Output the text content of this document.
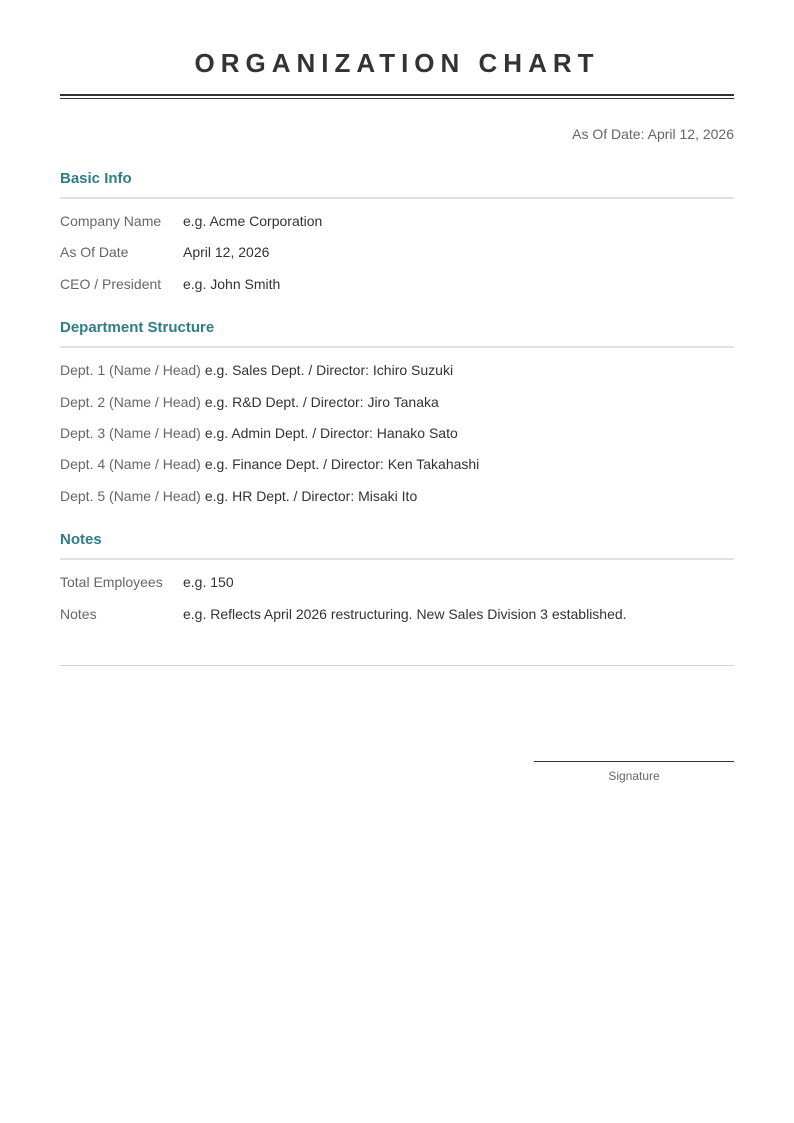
ORGANIZATION CHART
As Of Date: April 12, 2026
Basic Info
Company Name e.g. Acme Corporation
As Of Date	April 12, 2026
CEO / President e.g. John Smith
Department Structure
Dept. 1 (Name / Head) e.g. Sales Dept. / Director: Ichiro Suzuki
Dept. 2 (Name / Head) e.g. R&D Dept. / Director: Jiro Tanaka
Dept. 3 (Name / Head) e.g. Admin Dept. / Director: Hanako Sato
Dept. 4 (Name / Head) e.g. Finance Dept. / Director: Ken Takahashi
Dept. 5 (Name / Head) e.g. HR Dept. / Director: Misaki Ito
Notes
Total Employees e.g. 150
Notes	e.g. Reflects April 2026 restructuring. New Sales Division 3 established.
Signature
